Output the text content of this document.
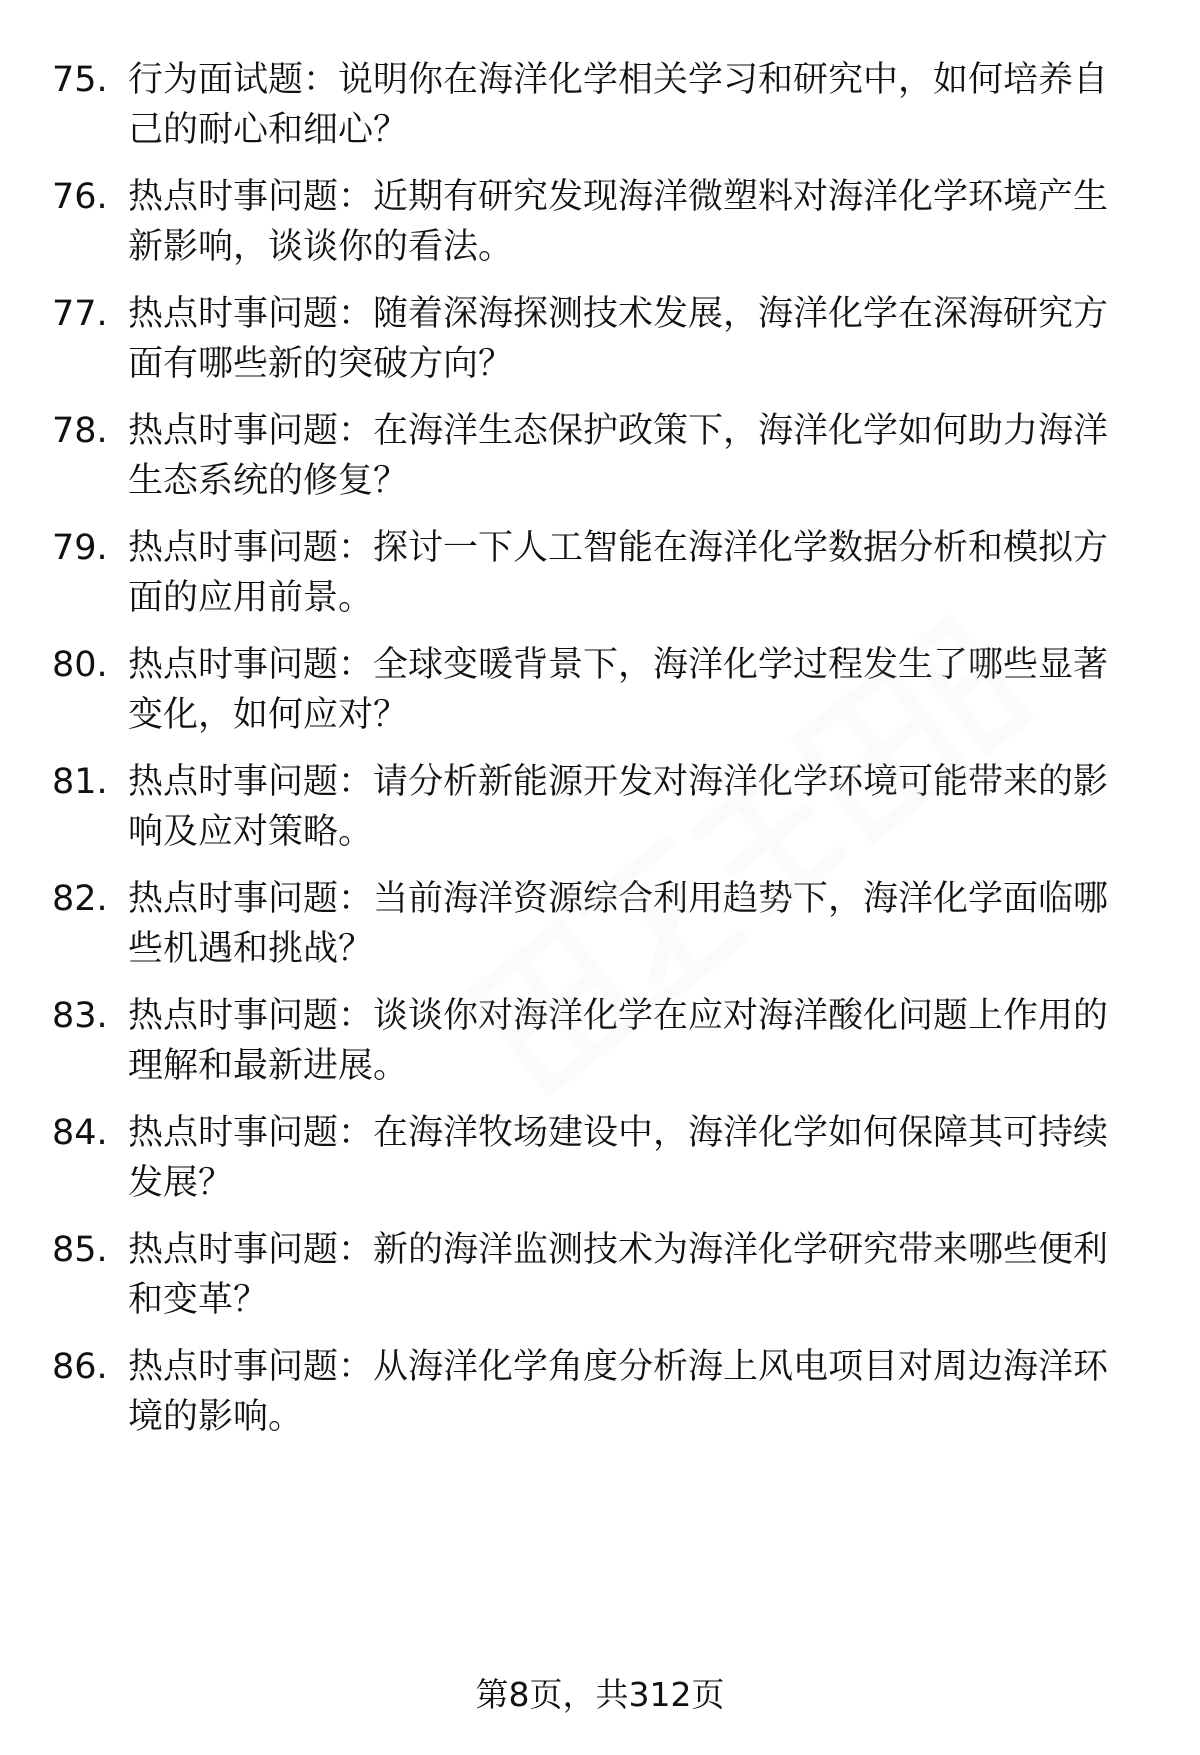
75. 行为面试题：说明你在海洋化学相关学习和研究中，如何培养自
己的耐心和细心？
76. 热点时事问题：近期有研究发现海洋微塑料对海洋化学环境产生
新影响，谈谈你的看法。
77. 热点时事问题：随着深海探测技术发展，海洋化学在深海研究方
面有哪些新的突破方向？
78. 热点时事问题：在海洋生态保护政策下，海洋化学如何助力海洋
生态系统的修复？
79. 热点时事问题：探讨一下人工智能在海洋化学数据分析和模拟方
面的应用前景。
80. 热点时事问题：全球变暖背景下，海洋化学过程发生了哪些显著
变化，如何应对？
81. 热点时事问题：请分析新能源开发对海洋化学环境可能带来的影
响及应对策略。
82. 热点时事问题：当前海洋资源综合利用趋势下，海洋化学面临哪
些机遇和挑战？
83. 热点时事问题：谈谈你对海洋化学在应对海洋酸化问题上作用的
理解和最新进展。
84. 热点时事问题：在海洋牧场建设中，海洋化学如何保障其可持续
发展？
85. 热点时事问题：新的海洋监测技术为海洋化学研究带来哪些便利
和变革？
86. 热点时事问题：从海洋化学角度分析海上风电项目对周边海洋环
境的影响。
第8页，共312页
